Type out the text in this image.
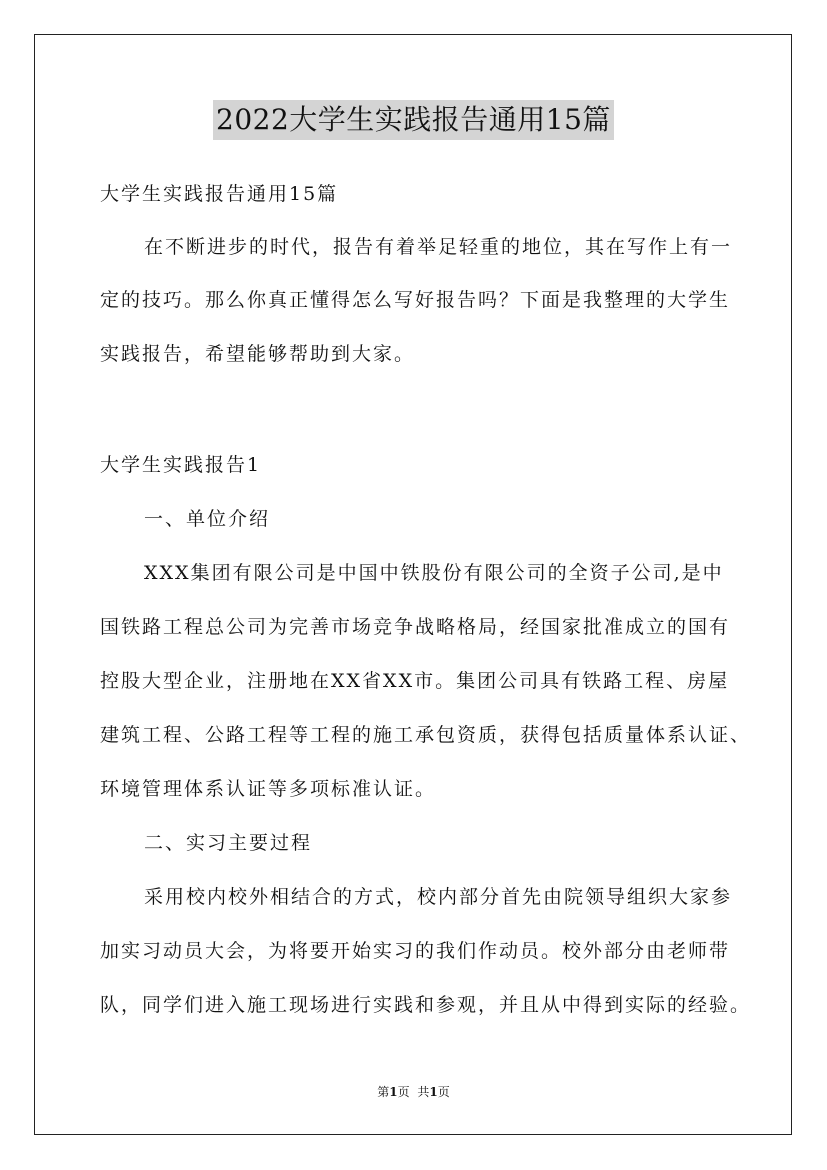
2022大学生实践报告通用15篇
大学生实践报告通用15篇
在不断进步的时代，报告有着举足轻重的地位，其在写作上有一
定的技巧。那么你真正懂得怎么写好报告吗？下面是我整理的大学生
实践报告，希望能够帮助到大家。
大学生实践报告1
一、单位介绍
XXX集团有限公司是中国中铁股份有限公司的全资子公司,是中
国铁路工程总公司为完善市场竞争战略格局，经国家批准成立的国有
控股大型企业，注册地在XX省XX市。集团公司具有铁路工程、房屋
建筑工程、公路工程等工程的施工承包资质，获得包括质量体系认证、
环境管理体系认证等多项标准认证。
二、实习主要过程
采用校内校外相结合的方式，校内部分首先由院领导组织大家参
加实习动员大会，为将要开始实习的我们作动员。校外部分由老师带
队，同学们进入施工现场进行实践和参观，并且从中得到实际的经验。
第1页 共1页
